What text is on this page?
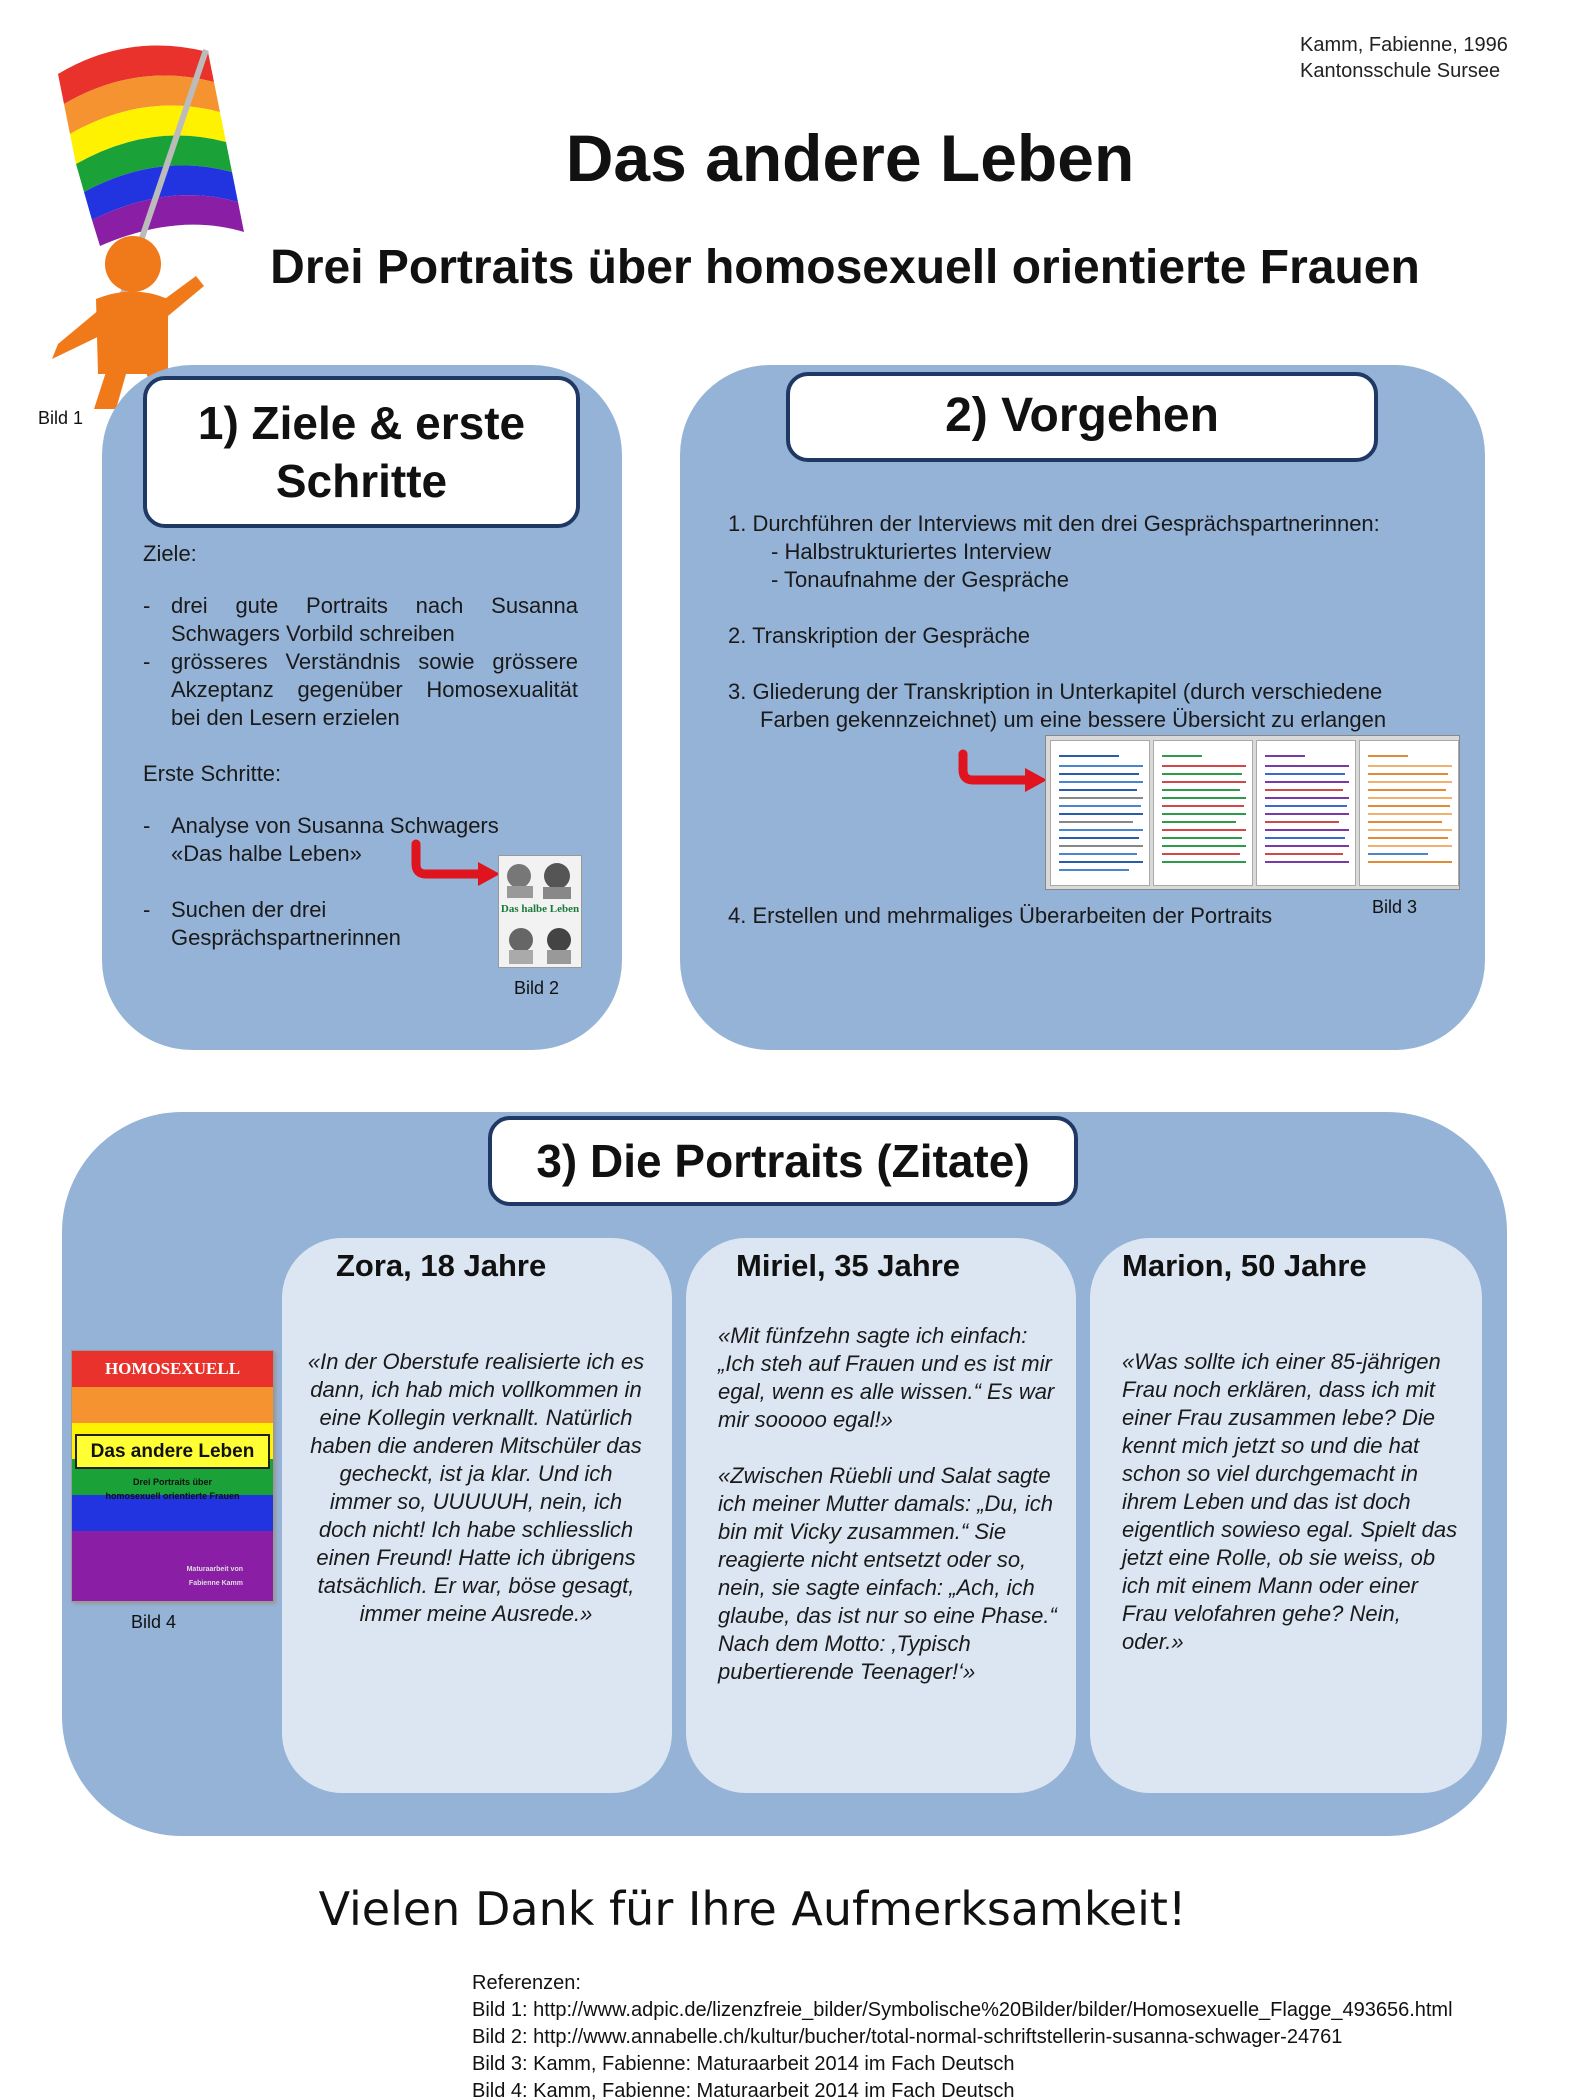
Kamm, Fabienne, 1996
Kantonsschule Sursee
Das andere Leben
Drei Portraits über homosexuell orientierte Frauen
Bild 1	1) Ziele & erste
Schritte
Ziele:
- drei gute Portraits nach Susanna Schwagers Vorbild schreiben
- grösseres Verständnis sowie grössere Akzeptanz gegenüber Homosexualität bei den Lesern erzielen
Erste Schritte:
- Analyse von Susanna Schwagers
«Das halbe Leben»
- Suchen der drei
Gesprächspartnerinnen
Das halbe Leben
Bild 2
2) Vorgehen
1. Durchführen der Interviews mit den drei Gesprächspartnerinnen:
- Halbstrukturiertes Interview
- Tonaufnahme der Gespräche
2. Transkription der Gespräche
3. Gliederung der Transkription in Unterkapitel (durch verschiedene
Farben gekennzeichnet) um eine bessere Übersicht zu erlangen
4. Erstellen und mehrmaliges Überarbeiten der Portraits	Bild 3
3) Die Portraits (Zitate)
HOMOSEXUELL
Das andere Leben
Drei Portraits über
homosexuell orientierte Frauen
Maturaarbeit von
Fabienne Kamm
Bild 4
Zora, 18 Jahre
«In der Oberstufe realisierte ich es dann, ich hab mich vollkommen in eine Kollegin verknallt. Natürlich haben die anderen Mitschüler das gecheckt, ist ja klar. Und ich immer so, UUUUUH, nein, ich doch nicht! Ich habe schliesslich einen Freund! Hatte ich übrigens tatsächlich. Er war, böse gesagt, immer meine Ausrede.»
Miriel, 35 Jahre
«Mit fünfzehn sagte ich einfach: „Ich steh auf Frauen und es ist mir egal, wenn es alle wissen.“ Es war mir sooooo egal!»
«Zwischen Rüebli und Salat sagte ich meiner Mutter damals: „Du, ich bin mit Vicky zusammen.“ Sie reagierte nicht entsetzt oder so, nein, sie sagte einfach: „Ach, ich glaube, das ist nur so eine Phase.“ Nach dem Motto: ‚Typisch pubertierende Teenager!‘»
Marion, 50 Jahre
«Was sollte ich einer 85-jährigen Frau noch erklären, dass ich mit einer Frau zusammen lebe? Die kennt mich jetzt so und die hat schon so viel durchgemacht in ihrem Leben und das ist doch eigentlich sowieso egal. Spielt das jetzt eine Rolle, ob sie weiss, ob ich mit einem Mann oder einer Frau velofahren gehe? Nein, oder.»
Vielen Dank für Ihre Aufmerksamkeit!
Referenzen:
Bild 1: http://www.adpic.de/lizenzfreie_bilder/Symbolische%20Bilder/bilder/Homosexuelle_Flagge_493656.html
Bild 2: http://www.annabelle.ch/kultur/bucher/total-normal-schriftstellerin-susanna-schwager-24761
Bild 3: Kamm, Fabienne: Maturaarbeit 2014 im Fach Deutsch
Bild 4: Kamm, Fabienne: Maturaarbeit 2014 im Fach Deutsch
